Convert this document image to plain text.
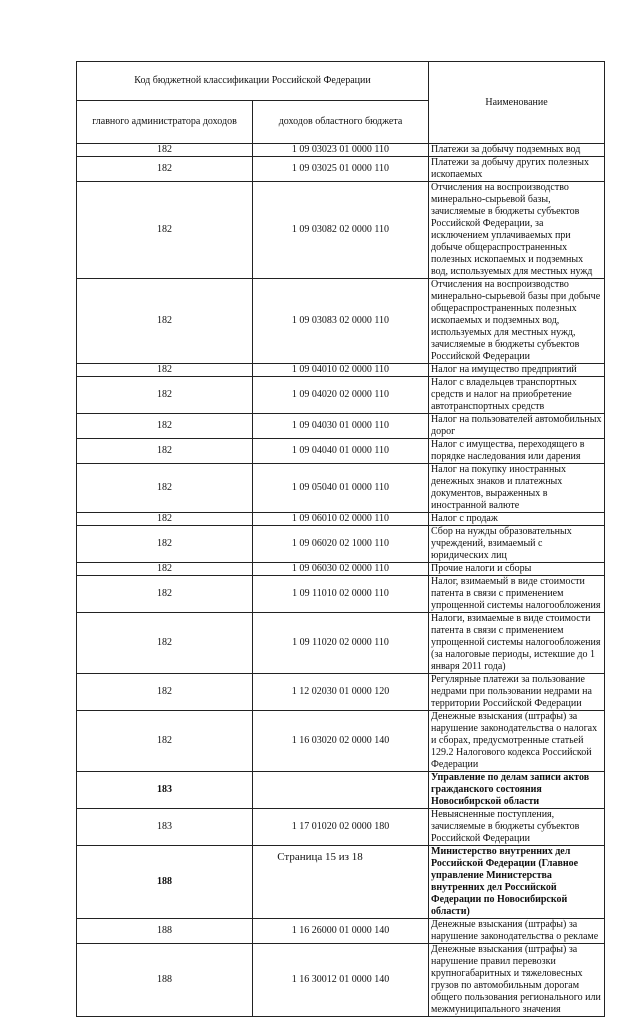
Код бюджетной классификации Российской Федерации		Наименование
главного администратора доходов	доходов областного бюджета	
182	1 09 03023 01 0000 110	Платежи за добычу подземных вод
182	1 09 03025 01 0000 110	Платежи за добычу других полезных ископаемых
182	1 09 03082 02 0000 110	Отчисления на воспроизводство минерально-сырьевой базы, зачисляемые в бюджеты субъектов Российской Федерации, за исключением уплачиваемых при добыче общераспространенных полезных ископаемых и подземных вод, используемых для местных нужд
182	1 09 03083 02 0000 110	Отчисления на воспроизводство минерально-сырьевой базы при добыче общераспространенных полезных ископаемых и подземных вод, используемых для местных нужд, зачисляемые в бюджеты субъектов Российской Федерации
182	1 09 04010 02 0000 110	Налог на имущество предприятий
182	1 09 04020 02 0000 110	Налог с владельцев транспортных средств и налог на приобретение автотранспортных средств
182	1 09 04030 01 0000 110	Налог на пользователей автомобильных дорог
182	1 09 04040 01 0000 110	Налог с имущества, переходящего в порядке наследования или дарения
182	1 09 05040 01 0000 110	Налог на покупку иностранных денежных знаков и платежных документов, выраженных в иностранной валюте
182	1 09 06010 02 0000 110	Налог с продаж
182	1 09 06020 02 1000 110	Сбор на нужды образовательных учреждений, взимаемый с юридических лиц
182	1 09 06030 02 0000 110	Прочие налоги и сборы
182	1 09 11010 02 0000 110	Налог, взимаемый в виде стоимости патента в связи с применением упрощенной системы налогообложения
182	1 09 11020 02 0000 110	Налоги, взимаемые в виде стоимости патента в связи с применением упрощенной системы налогообложения (за налоговые периоды, истекшие до 1 января 2011 года)
182	1 12 02030 01 0000 120	Регулярные платежи за пользование недрами при пользовании недрами на территории Российской Федерации
182	1 16 03020 02 0000 140	Денежные взыскания (штрафы) за нарушение законодательства о налогах и сборах, предусмотренные статьей 129.2 Налогового кодекса Российской Федерации
183		Управление по делам записи актов гражданского состояния Новосибирской области
183	1 17 01020 02 0000 180	Невыясненные поступления, зачисляемые в бюджеты субъектов Российской Федерации
188		Министерство внутренних дел Российской Федерации (Главное управление Министерства внутренних дел Российской Федерации по Новосибирской области)
188	1 16 26000 01 0000 140	Денежные взыскания (штрафы) за нарушение законодательства о рекламе
188	1 16 30012 01 0000 140	Денежные взыскания (штрафы) за нарушение правил перевозки крупногабаритных и тяжеловесных грузов по автомобильным дорогам общего пользования регионального или межмуниципального значения
Страница 15 из 18
